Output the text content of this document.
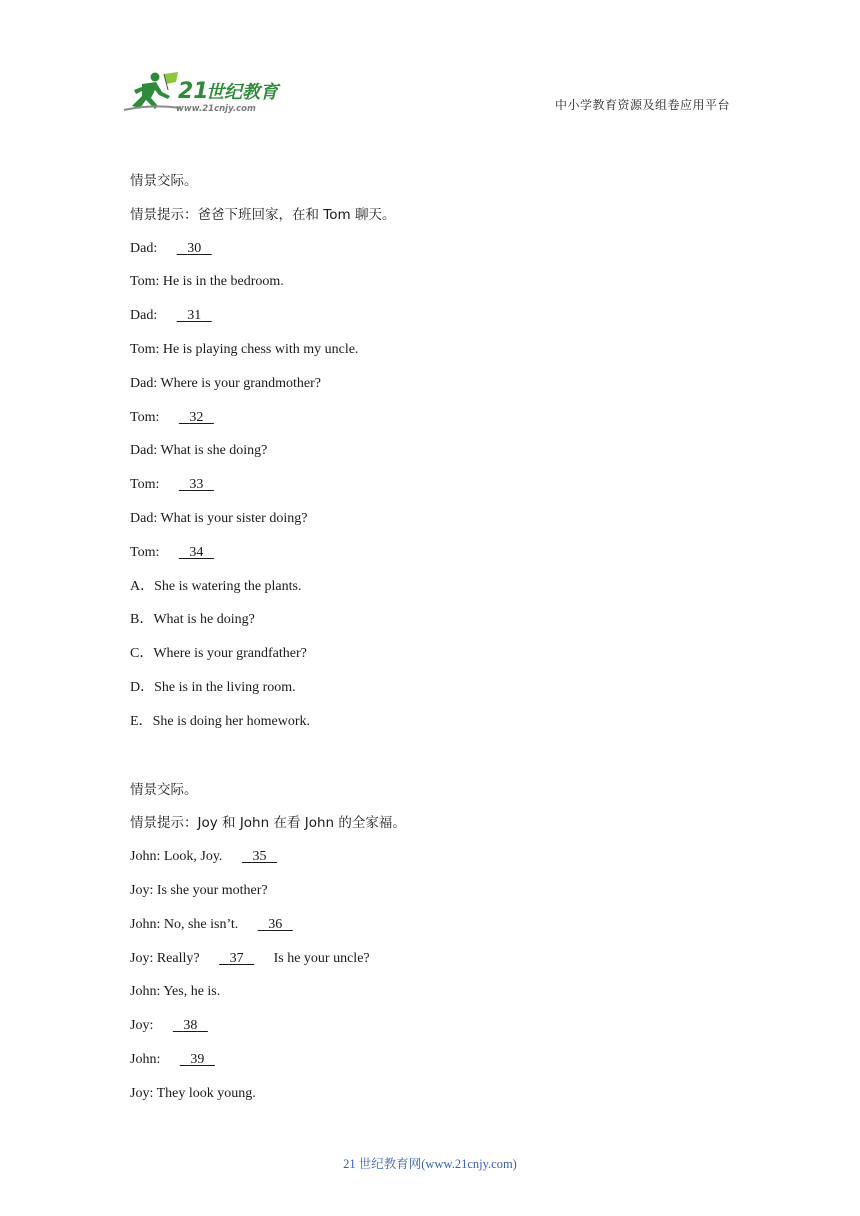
21
世纪教育
www.21cnjy.com	中小学教育资源及组卷应用平台
情景交际。
情景提示：爸爸下班回家，在和 Tom 聊天。
Dad: 30
Tom: He is in the bedroom.
Dad: 31
Tom: He is playing chess with my uncle.
Dad: Where is your grandmother?
Tom: 32
Dad: What is she doing?
Tom: 33
Dad: What is your sister doing?
Tom: 34
A．She is watering the plants.
B．What is he doing?
C．Where is your grandfather?
D．She is in the living room.
E．She is doing her homework.
情景交际。
情景提示：Joy 和 John 在看 John 的全家福。
John: Look, Joy. 35
Joy: Is she your mother?
John: No, she isn’t. 36
Joy: Really? 37 Is he your uncle?
John: Yes, he is.
Joy: 38
John: 39
Joy: They look young.
21 世纪教育网(www.21cnjy.com)
